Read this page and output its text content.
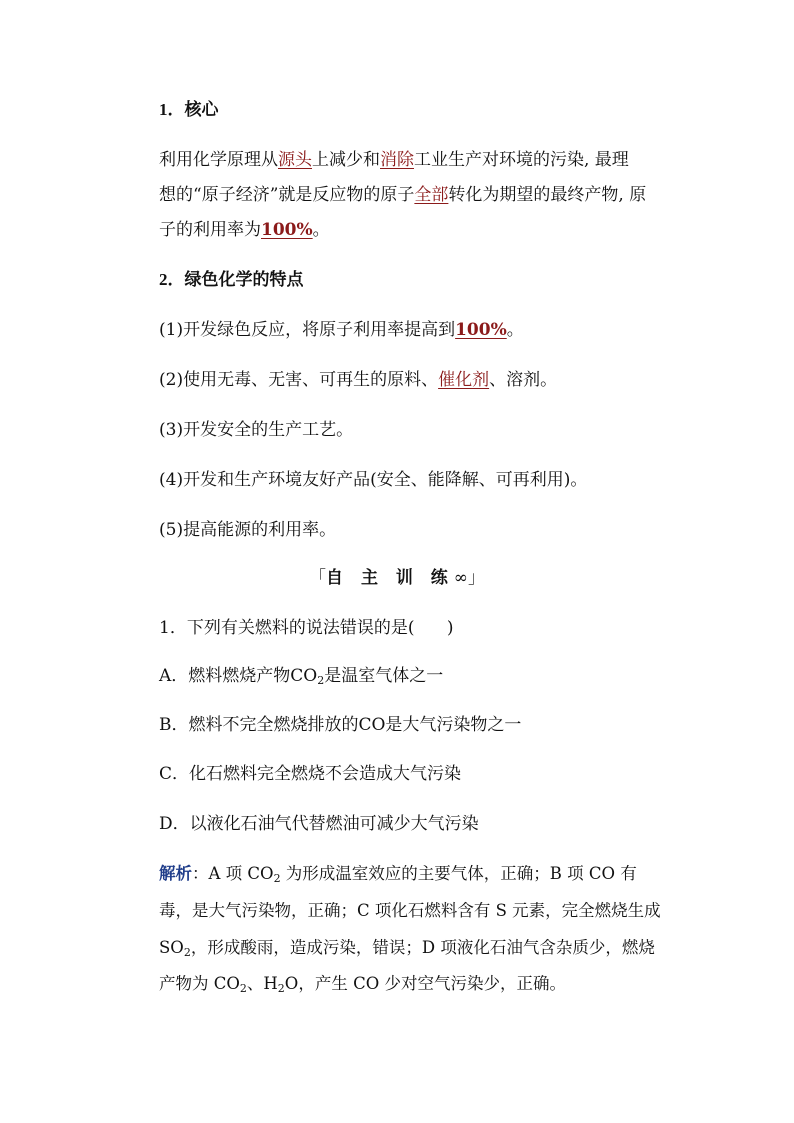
1．核心
利用化学原理从源头上减少和消除工业生产对环境的污染, 最理
想的“原子经济”就是反应物的原子全部转化为期望的最终产物, 原
子的利用率为100%。
2．绿色化学的特点
(1)开发绿色反应，将原子利用率提高到100%。
(2)使用无毒、无害、可再生的原料、催化剂、溶剂。
(3)开发安全的生产工艺。
(4)开发和生产环境友好产品(安全、能降解、可再利用)。
(5)提高能源的利用率。
「自 主 训 练∞」
1．下列有关燃料的说法错误的是( )
A．燃料燃烧产物$CO_2$是温室气体之一
B．燃料不完全燃烧排放的CO是大气污染物之一
C．化石燃料完全燃烧不会造成大气污染
D．以液化石油气代替燃油可减少大气污染
解析：A 项 $CO_2$ 为形成温室效应的主要气体，正确；B 项 CO 有
毒，是大气污染物，正确；C 项化石燃料含有 S 元素，完全燃烧生成
$SO_2$，形成酸雨，造成污染，错误；D 项液化石油气含杂质少，燃烧
产物为 $CO_2$、$H_2O$，产生 CO 少对空气污染少，正确。
